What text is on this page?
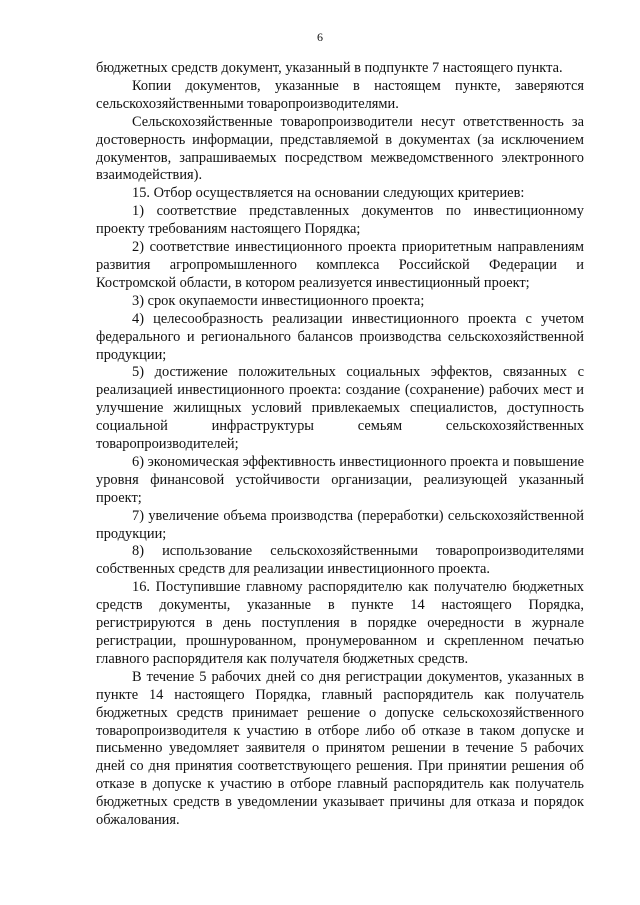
6

бюджетных средств документ, указанный в подпункте 7 настоящего пункта.

Копии документов, указанные в настоящем пункте, заверяются сельскохозяйственными товаропроизводителями.

Сельскохозяйственные товаропроизводители несут ответственность за достоверность информации, представляемой в документах (за исключением документов, запрашиваемых посредством межведомственного электронного взаимодействия).

15. Отбор осуществляется на основании следующих критериев:

1) соответствие представленных документов по инвестиционному проекту требованиям настоящего Порядка;

2) соответствие инвестиционного проекта приоритетным направлениям развития агропромышленного комплекса Российской Федерации и Костромской области, в котором реализуется инвестиционный проект;

3) срок окупаемости инвестиционного проекта;

4) целесообразность реализации инвестиционного проекта с учетом федерального и регионального балансов производства сельскохозяйственной продукции;

5) достижение положительных социальных эффектов, связанных с реализацией инвестиционного проекта: создание (сохранение) рабочих мест и улучшение жилищных условий привлекаемых специалистов, доступность социальной инфраструктуры семьям сельскохозяйственных товаропроизводителей;

6) экономическая эффективность инвестиционного проекта и повышение уровня финансовой устойчивости организации, реализующей указанный проект;

7) увеличение объема производства (переработки) сельскохозяйственной продукции;

8) использование сельскохозяйственными товаропроизводителями собственных средств для реализации инвестиционного проекта.

16. Поступившие главному распорядителю как получателю бюджетных средств документы, указанные в пункте 14 настоящего Порядка, регистрируются в день поступления в порядке очередности в журнале регистрации, прошнурованном, пронумерованном и скрепленном печатью главного распорядителя как получателя бюджетных средств.

В течение 5 рабочих дней со дня регистрации документов, указанных в пункте 14 настоящего Порядка, главный распорядитель как получатель бюджетных средств принимает решение о допуске сельскохозяйственного товаропроизводителя к участию в отборе либо об отказе в таком допуске и письменно уведомляет заявителя о принятом решении в течение 5 рабочих дней со дня принятия соответствующего решения. При принятии решения об отказе в допуске к участию в отборе главный распорядитель как получатель бюджетных средств в уведомлении указывает причины для отказа и порядок обжалования.
